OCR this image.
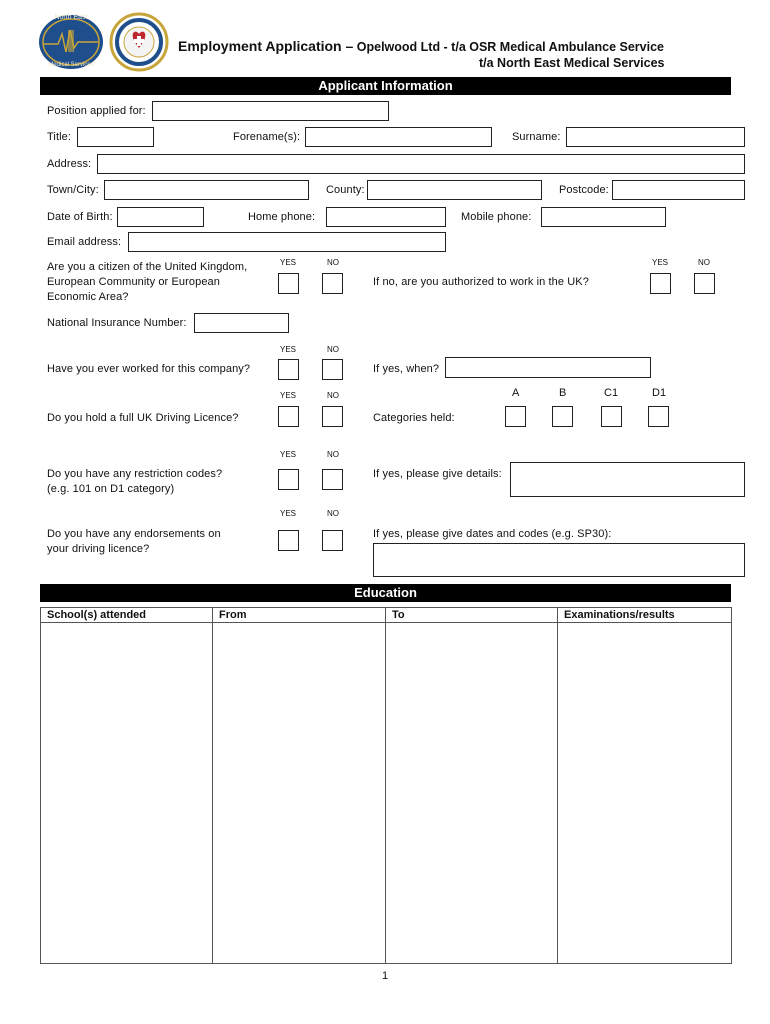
North East
Medical Services
Employment Application – Opelwood Ltd - t/a OSR Medical Ambulance Service
t/a North East Medical Services
Applicant Information
Position applied for:
Title:	Forename(s):	Surname:
Address:
Town/City:	County:	Postcode:
Date of Birth:	Home phone:	Mobile phone:
Email address:
YES	NO
Are you a citizen of the United Kingdom,
European Community or European
Economic Area?
If no, are you authorized to work in the UK?
YES	NO
National Insurance Number:
YES	NO
Have you ever worked for this company?	If yes, when?
YES	NO
Do you hold a full UK Driving Licence?	Categories held:
A	B	C1	D1
YES	NO
Do you have any restriction codes?
(e.g. 101 on D1 category)
If yes, please give details:
YES	NO
Do you have any endorsements on
your driving licence?
If yes, please give dates and codes (e.g. SP30):
Education
School(s) attended	From	To	Examinations/results

1
